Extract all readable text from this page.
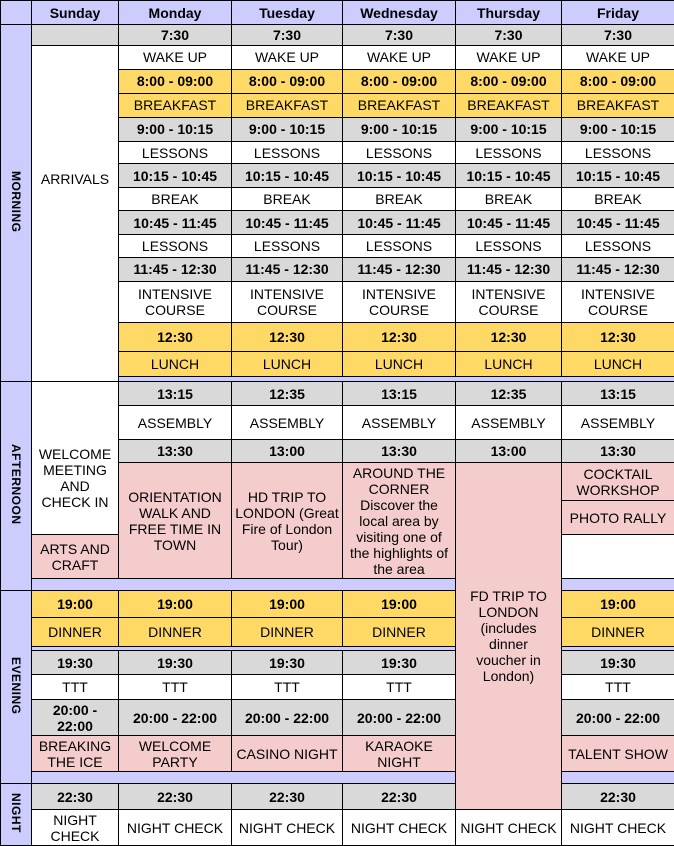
	Sunday	Monday	Tuesday	Wednesday	Thursday	Friday	
MORNING		7:30	7:30	7:30	7:30	7:30	

	ARRIVALS	WAKE UP	WAKE UP	WAKE UP	WAKE UP	WAKE UP	
		8:00 - 09:00	8:00 - 09:00	8:00 - 09:00	8:00 - 09:00	8:00 - 09:00	
		BREAKFAST	BREAKFAST	BREAKFAST	BREAKFAST	BREAKFAST	
		9:00 - 10:15	9:00 - 10:15	9:00 - 10:15	9:00 - 10:15	9:00 - 10:15	
		LESSONS	LESSONS	LESSONS	LESSONS	LESSONS	
		10:15 - 10:45	10:15 - 10:45	10:15 - 10:45	10:15 - 10:45	10:15 - 10:45	
		BREAK	BREAK	BREAK	BREAK	BREAK	
		10:45 - 11:45	10:45 - 11:45	10:45 - 11:45	10:45 - 11:45	10:45 - 11:45	
		LESSONS	LESSONS	LESSONS	LESSONS	LESSONS	
		11:45 - 12:30	11:45 - 12:30	11:45 - 12:30	11:45 - 12:30	11:45 - 12:30	
		INTENSIVE COURSE	INTENSIVE COURSE	INTENSIVE COURSE	INTENSIVE COURSE	INTENSIVE COURSE	
		12:30	12:30	12:30	12:30	12:30	
		LUNCH	LUNCH	LUNCH	LUNCH	LUNCH	

AFTERNOON	WELCOME MEETING AND CHECK IN	13:15	12:35	13:15	12:35	13:15	
		ASSEMBLY	ASSEMBLY	ASSEMBLY	ASSEMBLY	ASSEMBLY	
		13:30	13:00	13:30	13:00	13:30	
		ORIENTATION WALK AND FREE TIME IN TOWN	HD TRIP TO LONDON (Great Fire of London Tour)	AROUND THE CORNER Discover the local area by visiting one of the highlights of the area	FD TRIP TO LONDON (includes dinner voucher in London)	COCKTAIL WORKSHOP	
						PHOTO RALLY	
	ARTS AND CRAFT						

EVENING	19:00	19:00	19:00	19:00		19:00	
	DINNER	DINNER	DINNER	DINNER		DINNER	

	19:30	19:30	19:30	19:30		19:30	
	TTT	TTT	TTT	TTT		TTT	
	20:00 - 22:00	20:00 - 22:00	20:00 - 22:00	20:00 - 22:00		20:00 - 22:00	
	BREAKING THE ICE	WELCOME PARTY	CASINO NIGHT	KARAOKE NIGHT		TALENT SHOW	

NIGHT	22:30	22:30	22:30	22:30		22:30	
	NIGHT CHECK	NIGHT CHECK	NIGHT CHECK	NIGHT CHECK	NIGHT CHECK	NIGHT CHECK	
